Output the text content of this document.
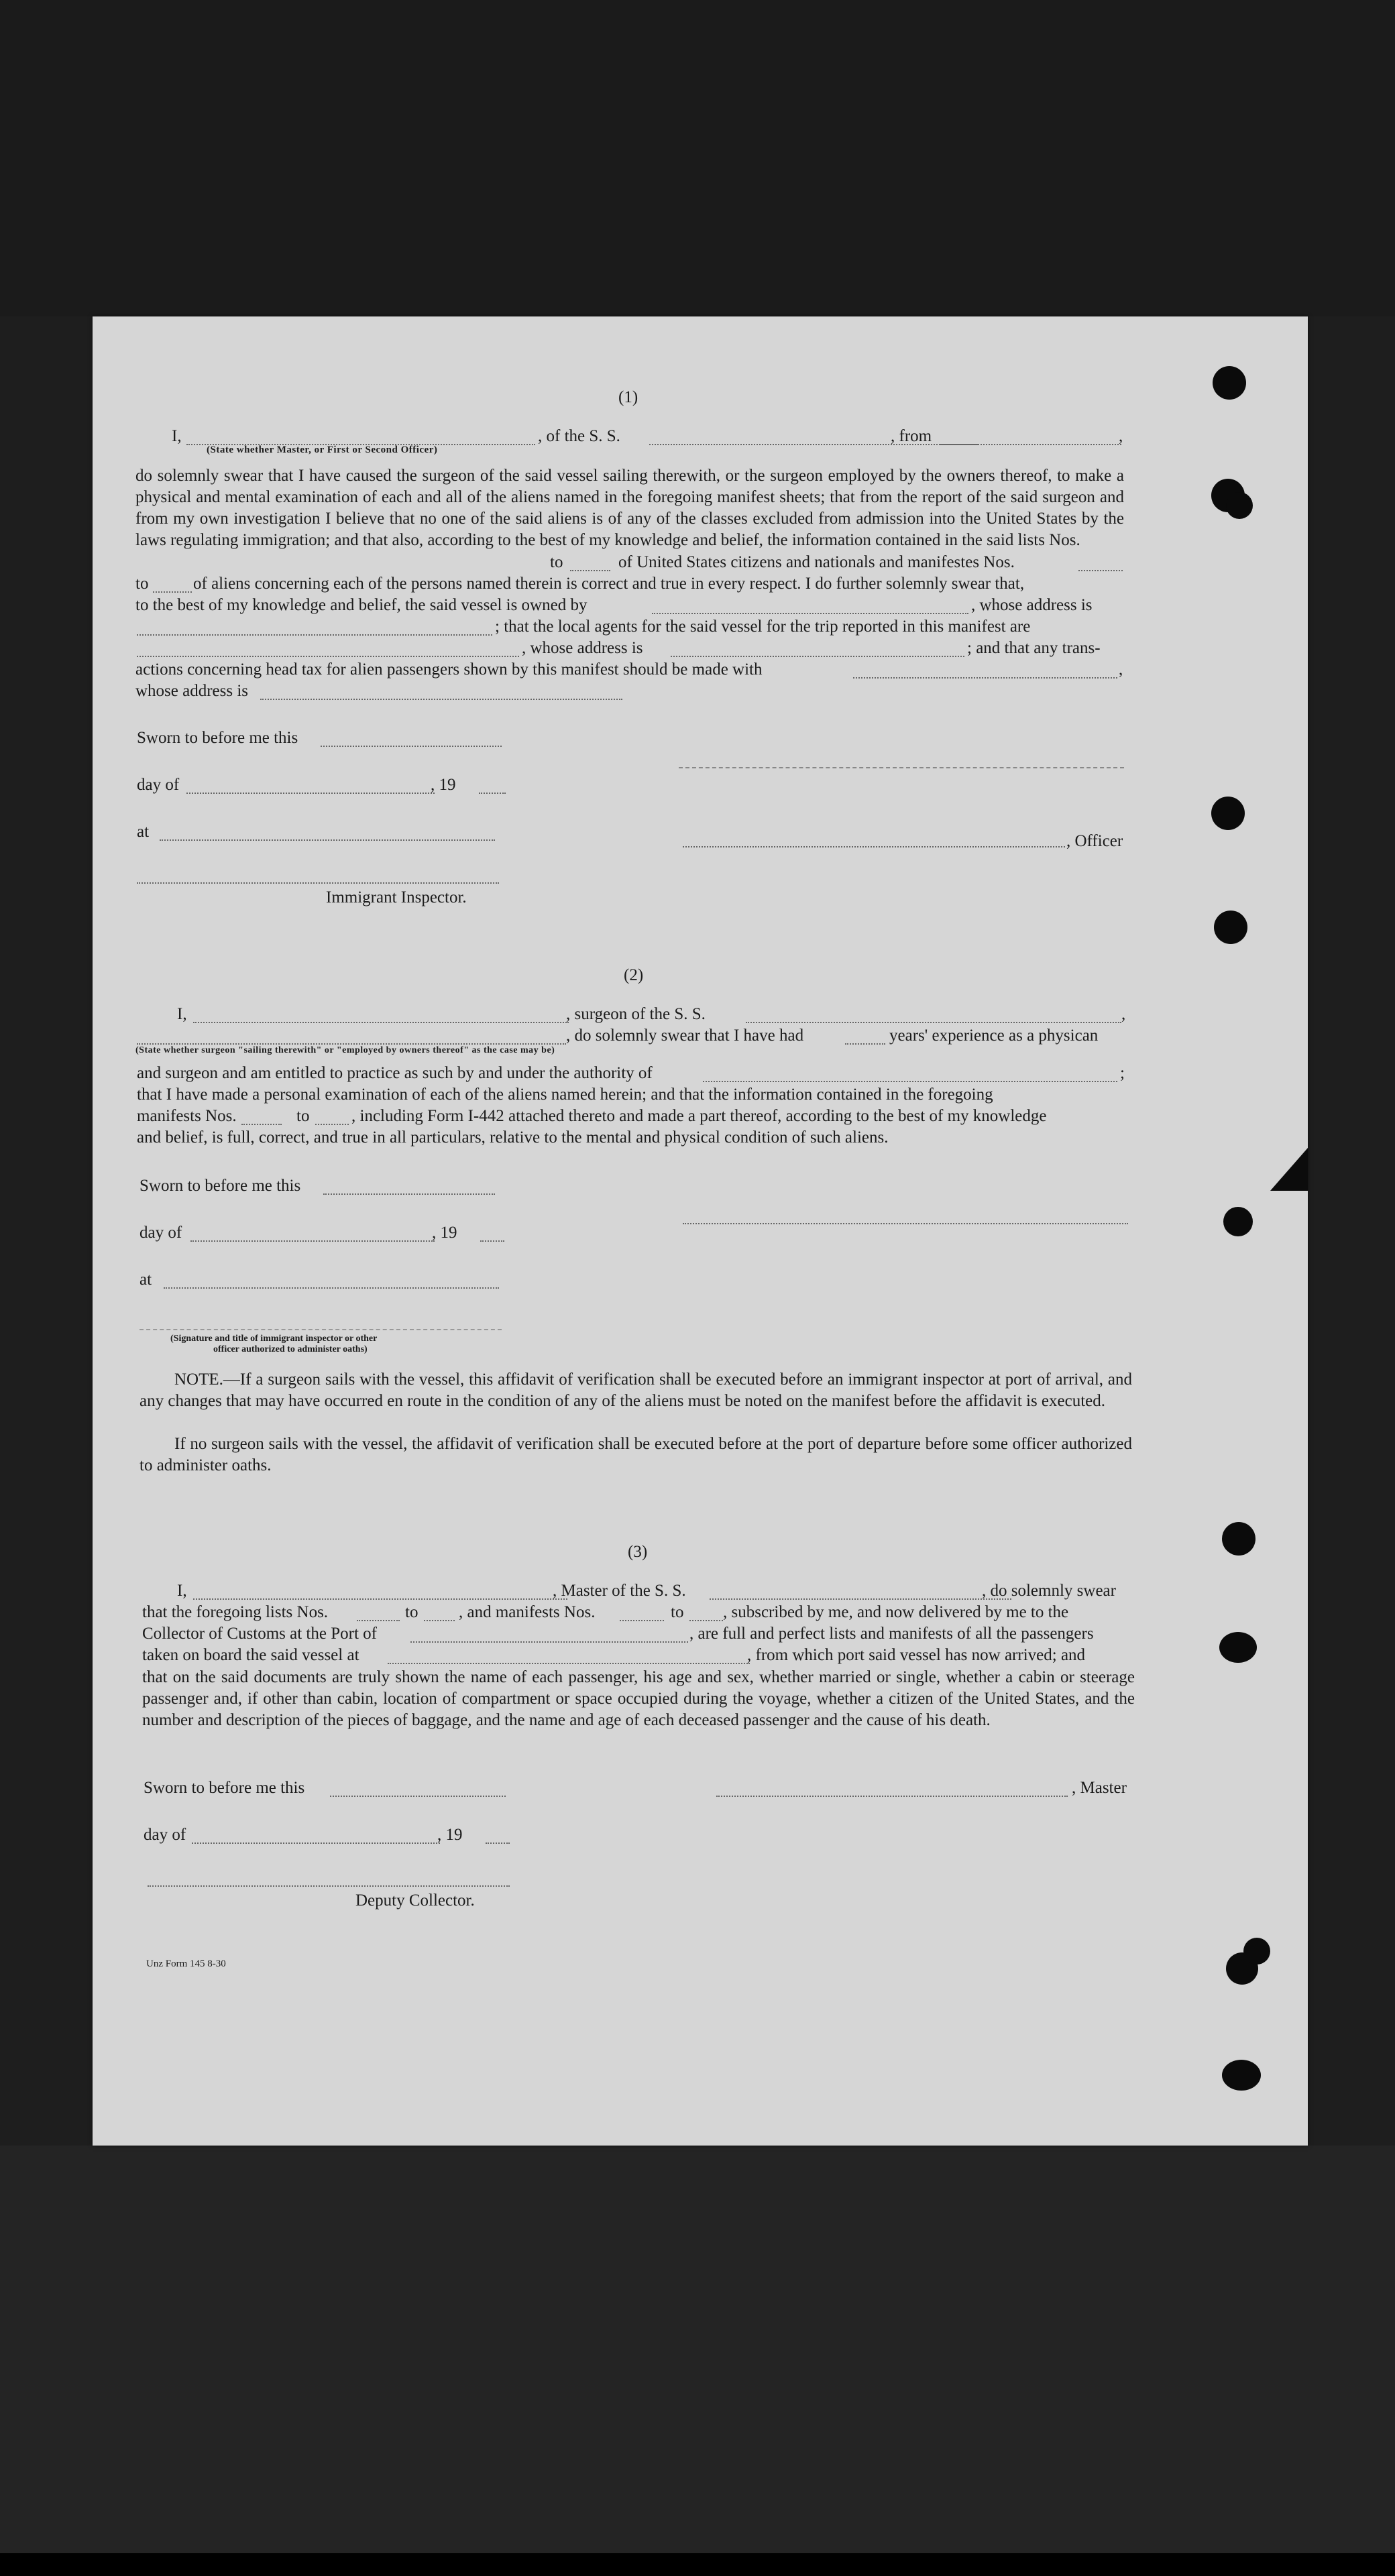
(1)
I,	, of the S. S.	, from	,
(State whether Master, or First or Second Officer)
do solemnly swear that I have caused the surgeon of the said vessel sailing therewith, or the surgeon employed by the owners thereof, to make a physical and mental examination of each and all of the aliens named in the foregoing manifest sheets; that from the report of the said surgeon and from my own investigation I believe that no one of the said aliens is of any of the classes excluded from admission into the United States by the laws regulating immigration; and that also, according to the best of my knowledge and belief, the information contained in the said lists Nos.
to	of United States citizens and nationals and manifestes Nos.
to	of aliens concerning each of the persons named therein is correct and true in every respect. I do further solemnly swear that,
to the best of my knowledge and belief, the said vessel is owned by	, whose address is
; that the local agents for the said vessel for the trip reported in this manifest are
, whose address is	; and that any trans-
actions concerning head tax for alien passengers shown by this manifest should be made with	,
whose address is
Sworn to before me this
day of	, 19
at
, Officer
Immigrant Inspector.
(2)
I,	, surgeon of the S. S.	,
, do solemnly swear that I have had	years' experience as a physican
(State whether surgeon "sailing therewith" or "employed by owners thereof" as the case may be)
and surgeon and am entitled to practice as such by and under the authority of	;
that I have made a personal examination of each of the aliens named herein; and that the information contained in the foregoing
manifests Nos.	to	, including Form I-442 attached thereto and made a part thereof, according to the best of my knowledge
and belief, is full, correct, and true in all particulars, relative to the mental and physical condition of such aliens.
Sworn to before me this
day of	, 19
at
(Signature and title of immigrant inspector or other
officer authorized to administer oaths)
NOTE.—If a surgeon sails with the vessel, this affidavit of verification shall be executed before an immigrant inspector at port of arrival, and any changes that may have occurred en route in the condition of any of the aliens must be noted on the manifest before the affidavit is executed.
If no surgeon sails with the vessel, the affidavit of verification shall be executed before at the port of departure before some officer authorized to administer oaths.
(3)
I,	, Master of the S. S.	, do solemnly swear
that the foregoing lists Nos.	to , and manifests Nos.	to , subscribed by me, and now delivered by me to the
Collector of Customs at the Port of	, are full and perfect lists and manifests of all the passengers
taken on board the said vessel at	, from which port said vessel has now arrived; and
that on the said documents are truly shown the name of each passenger, his age and sex, whether married or single, whether a cabin or steerage passenger and, if other than cabin, location of compartment or space occupied during the voyage, whether a citizen of the United States, and the number and description of the pieces of baggage, and the name and age of each deceased passenger and the cause of his death.
Sworn to before me this	, Master
day of	, 19
Deputy Collector.
Unz Form 145 8-30
